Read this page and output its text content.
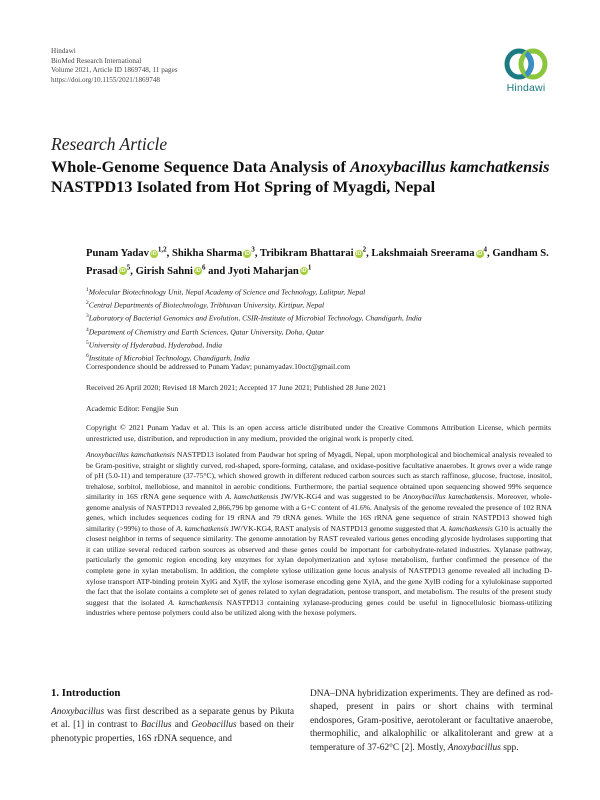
Hindawi
BioMed Research International
Volume 2021, Article ID 1869748, 11 pages
https://doi.org/10.1155/2021/1869748
Hindawi
Research Article
Whole-Genome Sequence Data Analysis of Anoxybacillus kamchatkensis NASTPD13 Isolated from Hot Spring of Myagdi, Nepal
Punam Yadav iD$^{1,2}$, Shikha Sharma iD$^3$, Tribikram Bhattarai iD$^2$, Lakshmaiah Sreerama iD$^4$, Gandham S. Prasad iD$^5$, Girish Sahni iD$^6$ and Jyoti Maharjan iD$^1$
$^1$Molecular Biotechnology Unit, Nepal Academy of Science and Technology, Lalitpur, Nepal
$^2$Central Departments of Biotechnology, Tribhuvan University, Kirtipur, Nepal
$^3$Laboratory of Bacterial Genomics and Evolution, CSIR-Institute of Microbial Technology, Chandigarh, India
$^4$Department of Chemistry and Earth Sciences, Qatar University, Doha, Qatar
$^5$University of Hyderabad, Hyderabad, India
$^6$Institute of Microbial Technology, Chandigarh, India
Correspondence should be addressed to Punam Yadav; punamyadav.10oct@gmail.com
Received 26 April 2020; Revised 18 March 2021; Accepted 17 June 2021; Published 28 June 2021
Academic Editor: Fengjie Sun
Copyright © 2021 Punam Yadav et al. This is an open access article distributed under the Creative Commons Attribution License, which permits unrestricted use, distribution, and reproduction in any medium, provided the original work is properly cited.
Anoxybacillus kamchatkensis NASTPD13 isolated from Paudwar hot spring of Myagdi, Nepal, upon morphological and biochemical analysis revealed to be Gram-positive, straight or slightly curved, rod-shaped, spore-forming, catalase, and oxidase-positive facultative anaerobes. It grows over a wide range of pH (5.0-11) and temperature (37-75°C), which showed growth in different reduced carbon sources such as starch raffinose, glucose, fructose, inositol, trehalose, sorbitol, mellobiose, and mannitol in aerobic conditions. Furthermore, the partial sequence obtained upon sequencing showed 99% sequence similarity in 16S rRNA gene sequence with A. kamchatkensis JW/VK-KG4 and was suggested to be Anoxybacillus kamchatkensis. Moreover, whole-genome analysis of NASTPD13 revealed 2,866,796 bp genome with a G+C content of 41.6%. Analysis of the genome revealed the presence of 102 RNA genes, which includes sequences coding for 19 rRNA and 79 tRNA genes. While the 16S rRNA gene sequence of strain NASTPD13 showed high similarity (>99%) to those of A. kamchatkensis JW/VK-KG4, RAST analysis of NASTPD13 genome suggested that A. kamchatkensis G10 is actually the closest neighbor in terms of sequence similarity. The genome annotation by RAST revealed various genes encoding glycoside hydrolases supporting that it can utilize several reduced carbon sources as observed and these genes could be important for carbohydrate-related industries. Xylanase pathway, particularly the genomic region encoding key enzymes for xylan depolymerization and xylose metabolism, further confirmed the presence of the complete gene in xylan metabolism. In addition, the complete xylose utilization gene locus analysis of NASTPD13 genome revealed all including D-xylose transport ATP-binding protein XylG and XylF, the xylose isomerase encoding gene XylA, and the gene XylB coding for a xylulokinase supported the fact that the isolate contains a complete set of genes related to xylan degradation, pentose transport, and metabolism. The results of the present study suggest that the isolated A. kamchatkensis NASTPD13 containing xylanase-producing genes could be useful in lignocellulosic biomass-utilizing industries where pentose polymers could also be utilized along with the hexose polymers.
1. Introduction
Anoxybacillus was first described as a separate genus by Pikuta et al. [1] in contrast to Bacillus and Geobacillus based on their phenotypic properties, 16S rDNA sequence, and
DNA–DNA hybridization experiments. They are defined as rod-shaped, present in pairs or short chains with terminal endospores, Gram-positive, aerotolerant or facultative anaerobe, thermophilic, and alkalophilic or alkalitolerant and grew at a temperature of 37-62°C [2]. Mostly, Anoxybacillus spp.
